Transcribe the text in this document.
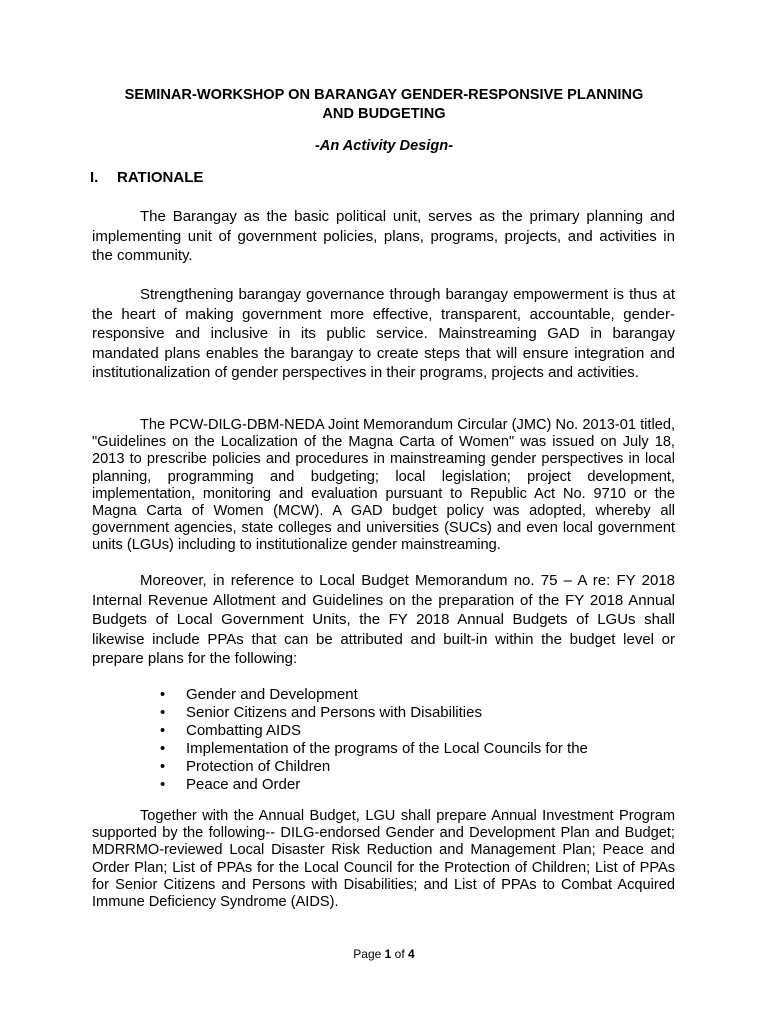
SEMINAR-WORKSHOP ON BARANGAY GENDER-RESPONSIVE PLANNING
AND BUDGETING
-An Activity Design-
I. RATIONALE

The Barangay as the basic political unit, serves as the primary planning and implementing unit of government policies, plans, programs, projects, and activities in the community.

Strengthening barangay governance through barangay empowerment is thus at the heart of making government more effective, transparent, accountable, gender-responsive and inclusive in its public service. Mainstreaming GAD in barangay mandated plans enables the barangay to create steps that will ensure integration and institutionalization of gender perspectives in their programs, projects and activities.

The PCW-DILG-DBM-NEDA Joint Memorandum Circular (JMC) No. 2013-01 titled, "Guidelines on the Localization of the Magna Carta of Women" was issued on July 18, 2013 to prescribe policies and procedures in mainstreaming gender perspectives in local planning, programming and budgeting; local legislation; project development, implementation, monitoring and evaluation pursuant to Republic Act No. 9710 or the Magna Carta of Women (MCW). A GAD budget policy was adopted, whereby all government agencies, state colleges and universities (SUCs) and even local government units (LGUs) including to institutionalize gender mainstreaming.

Moreover, in reference to Local Budget Memorandum no. 75 – A re: FY 2018 Internal Revenue Allotment and Guidelines on the preparation of the FY 2018 Annual Budgets of Local Government Units, the FY 2018 Annual Budgets of LGUs shall likewise include PPAs that can be attributed and built-in within the budget level or prepare plans for the following:

• Gender and Development
• Senior Citizens and Persons with Disabilities
• Combatting AIDS
• Implementation of the programs of the Local Councils for the
• Protection of Children
• Peace and Order

Together with the Annual Budget, LGU shall prepare Annual Investment Program supported by the following-- DILG-endorsed Gender and Development Plan and Budget; MDRRMO-reviewed Local Disaster Risk Reduction and Management Plan; Peace and Order Plan; List of PPAs for the Local Council for the Protection of Children; List of PPAs for Senior Citizens and Persons with Disabilities; and List of PPAs to Combat Acquired Immune Deficiency Syndrome (AIDS).

Page 1 of 4
